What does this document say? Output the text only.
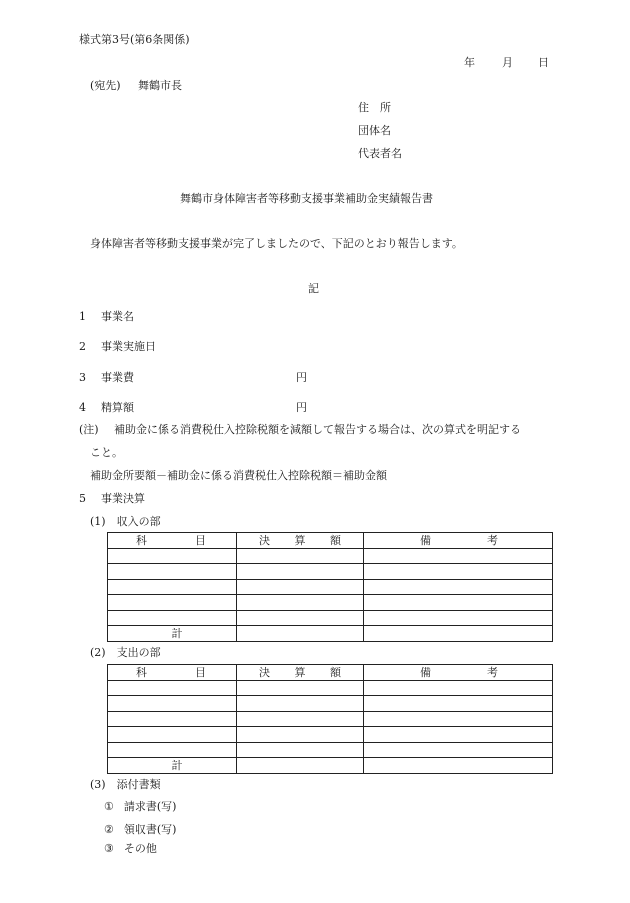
様式第3号(第6条関係)
年 月 日
(宛先) 舞鶴市長
住　所
団体名
代表者名
舞鶴市身体障害者等移動支援事業補助金実績報告書
身体障害者等移動支援事業が完了しましたので、下記のとおり報告します。
記
1 事業名
2 事業実施日
3 事業費	円
4 精算額	円
(注) 補助金に係る消費税仕入控除税額を減額して報告する場合は、次の算式を明記する
こと。
補助金所要額－補助金に係る消費税仕入控除税額＝補助金額
5 事業決算
(1)　収入の部
科 目	決 算 額	備 考

計		
(2)　支出の部
科 目	決 算 額	備 考

計		
(3)　添付書類
① 請求書(写)
② 領収書(写)
③ その他
